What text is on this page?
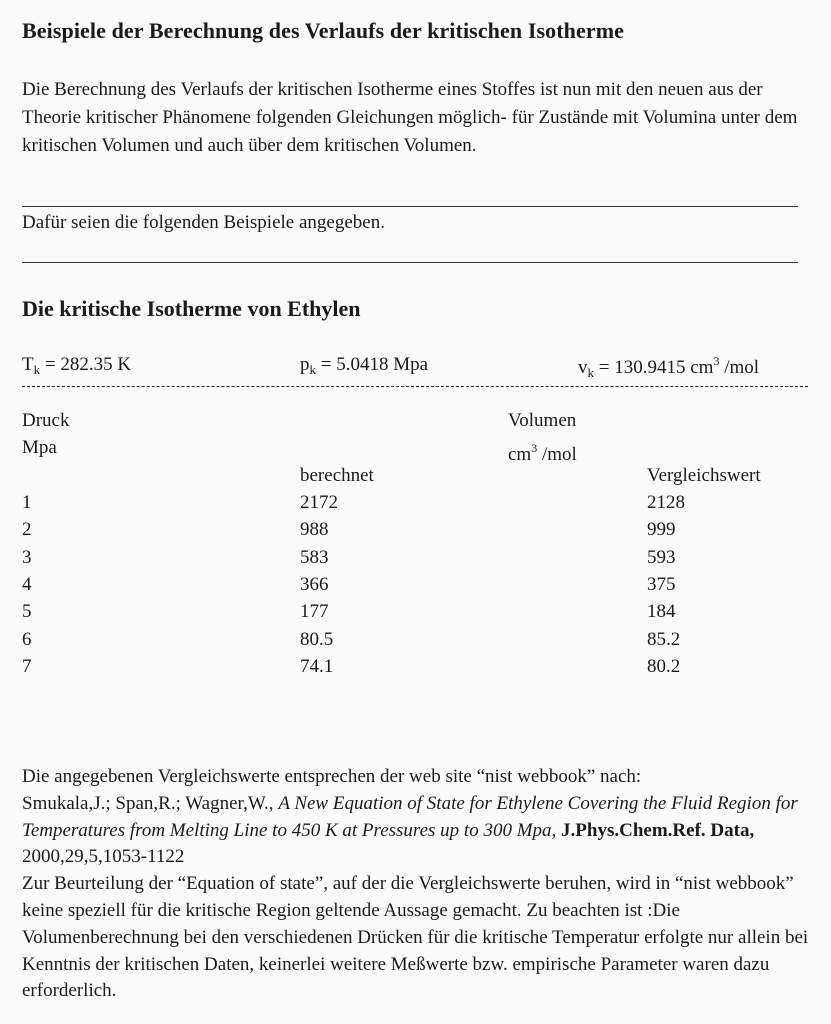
Beispiele der Berechnung des Verlaufs der kritischen Isotherme

Die Berechnung des Verlaufs der kritischen Isotherme eines Stoffes ist nun mit den neuen aus der Theorie kritischer Phänomene folgenden Gleichungen möglich- für Zustände mit Volumina unter dem kritischen Volumen und auch über dem kritischen Volumen.

Dafür seien die folgenden Beispiele angegeben.

Die kritische Isotherme von Ethylen
$T_k = 282.35$ K	$p_k = 5.0418$ Mpa	$v_k = 130.9415$ $cm^3$ /mol
Druck
Mpa
Volumen
$cm^3$ /mol
berechnet	Vergleichswert
1	2172	2128
2	988	999
3	583	593
4	366	375
5	177	184
6	80.5	85.2
7	74.1	80.2

Die angegebenen Vergleichswerte entsprechen der web site “nist webbook” nach:
Smukala,J.; Span,R.; Wagner,W., A New Equation of State for Ethylene Covering the Fluid Region for Temperatures from Melting Line to 450 K at Pressures up to 300 Mpa, J.Phys.Chem.Ref. Data, 2000,29,5,1053-1122
Zur Beurteilung der “Equation of state”, auf der die Vergleichswerte beruhen, wird in “nist webbook” keine speziell für die kritische Region geltende Aussage gemacht. Zu beachten ist :Die Volumenberechnung bei den verschiedenen Drücken für die kritische Temperatur erfolgte nur allein bei Kenntnis der kritischen Daten, keinerlei weitere Meßwerte bzw. empirische Parameter waren dazu erforderlich.
